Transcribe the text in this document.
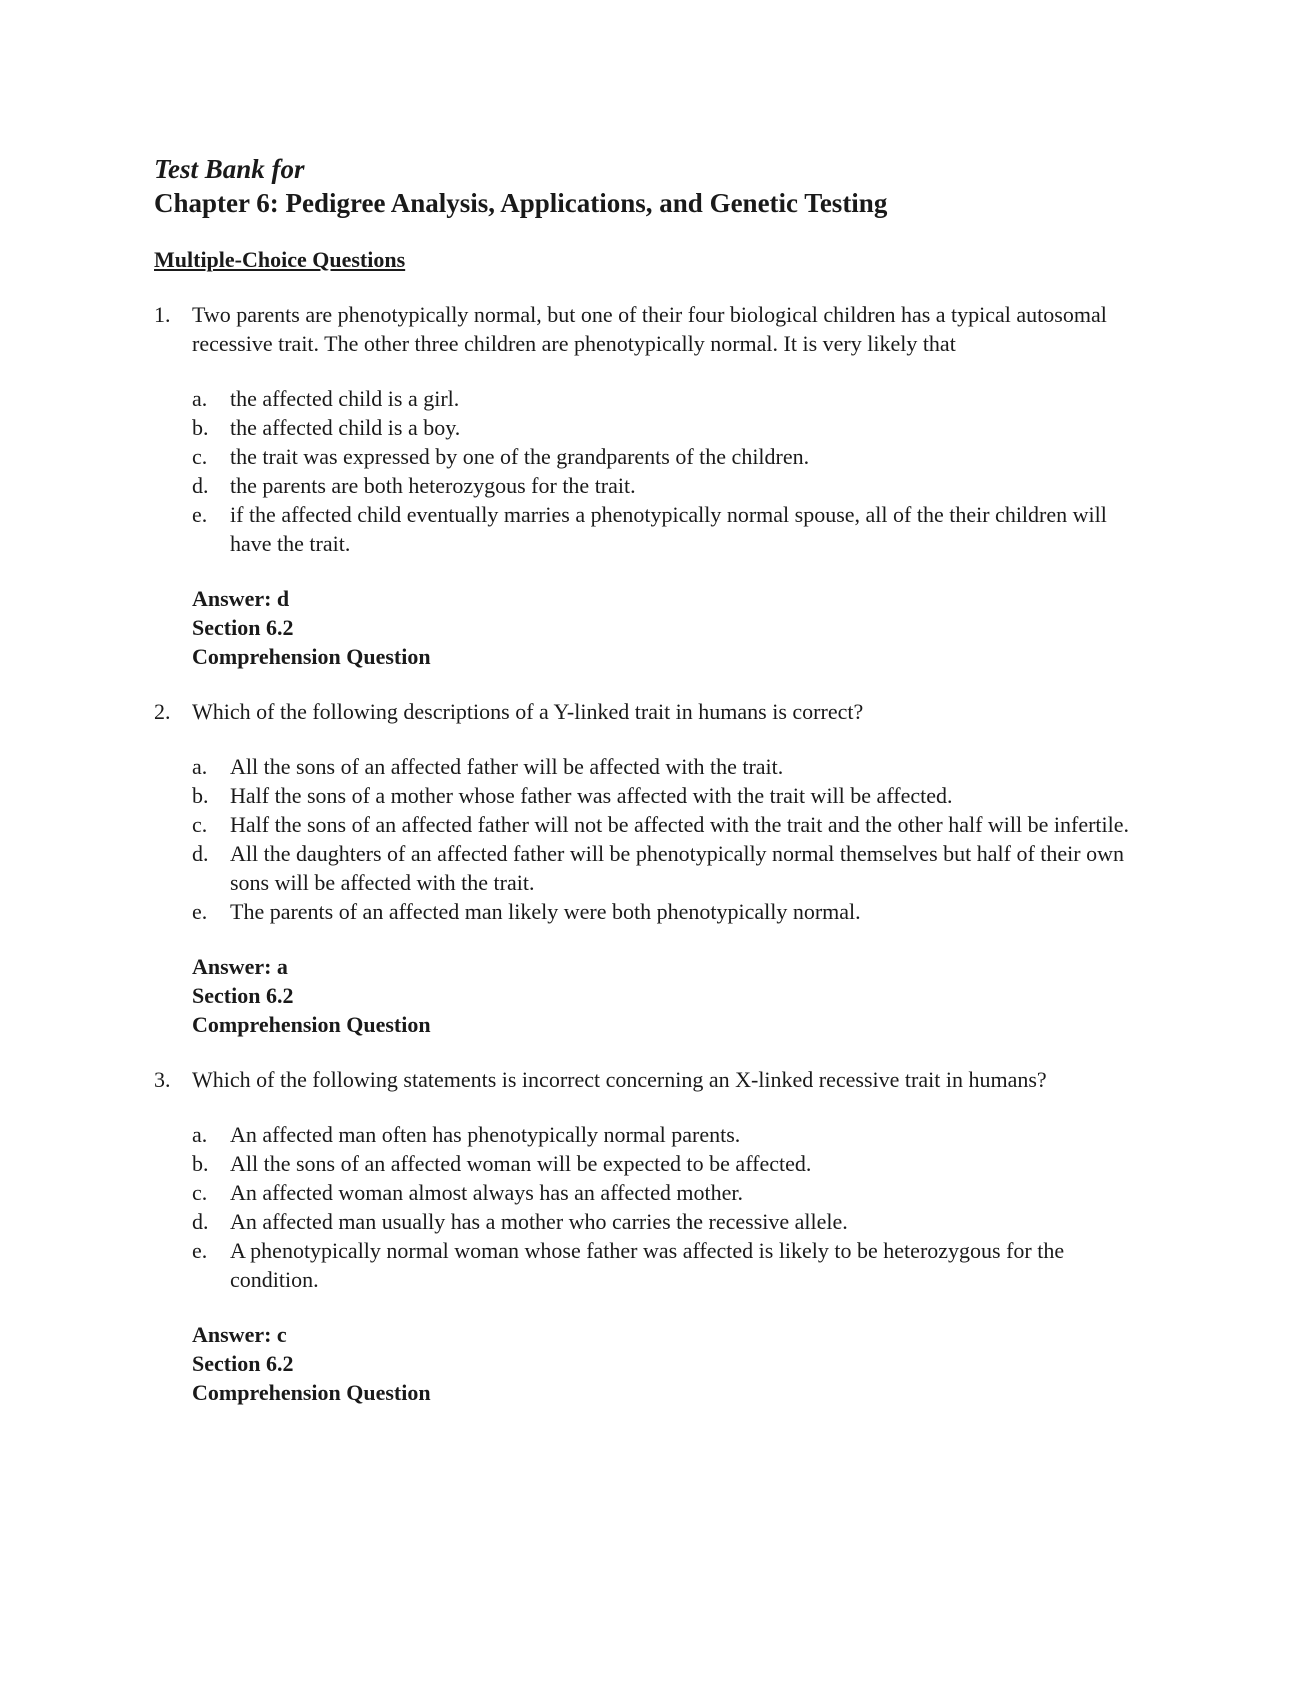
Test Bank for
Chapter 6: Pedigree Analysis, Applications, and Genetic Testing
Multiple-Choice Questions
1. Two parents are phenotypically normal, but one of their four biological children has a typical autosomal recessive trait. The other three children are phenotypically normal. It is very likely that
a.	the affected child is a girl.
b. the affected child is a boy.
c.	the trait was expressed by one of the grandparents of the children.
d. the parents are both heterozygous for the trait.
e.	if the affected child eventually marries a phenotypically normal spouse, all of the their children will have the trait.
Answer: d
Section 6.2
Comprehension Question
2. Which of the following descriptions of a Y-linked trait in humans is correct?
a.	All the sons of an affected father will be affected with the trait.
b. Half the sons of a mother whose father was affected with the trait will be affected.
c.	Half the sons of an affected father will not be affected with the trait and the other half will be infertile.
d. All the daughters of an affected father will be phenotypically normal themselves but half of their own sons will be affected with the trait.
e.	The parents of an affected man likely were both phenotypically normal.
Answer: a
Section 6.2
Comprehension Question
3. Which of the following statements is incorrect concerning an X-linked recessive trait in humans?
a.	An affected man often has phenotypically normal parents.
b. All the sons of an affected woman will be expected to be affected.
c.	An affected woman almost always has an affected mother.
d. An affected man usually has a mother who carries the recessive allele.
e.	A phenotypically normal woman whose father was affected is likely to be heterozygous for the condition.
Answer: c
Section 6.2
Comprehension Question
